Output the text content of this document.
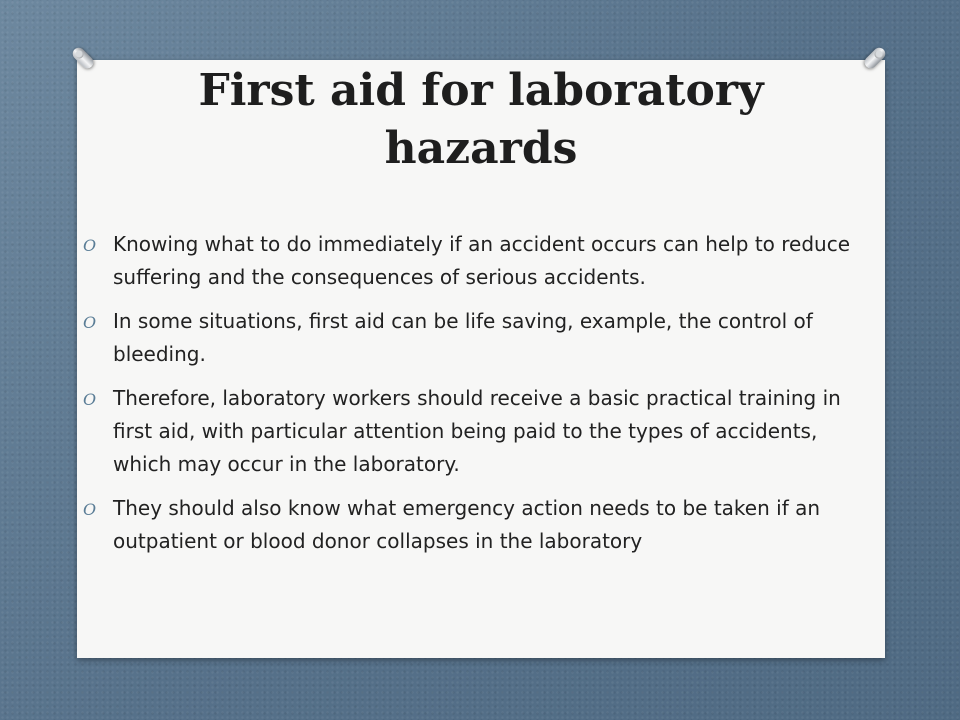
First aid for laboratory
hazards
O Knowing what to do immediately if an accident occurs can help to reduce suffering and the consequences of serious accidents.
O In some situations, first aid can be life saving, example, the control of bleeding.
O Therefore, laboratory workers should receive a basic practical training in first aid, with particular attention being paid to the types of accidents, which may occur in the laboratory.
O They should also know what emergency action needs to be taken if an outpatient or blood donor collapses in the laboratory
